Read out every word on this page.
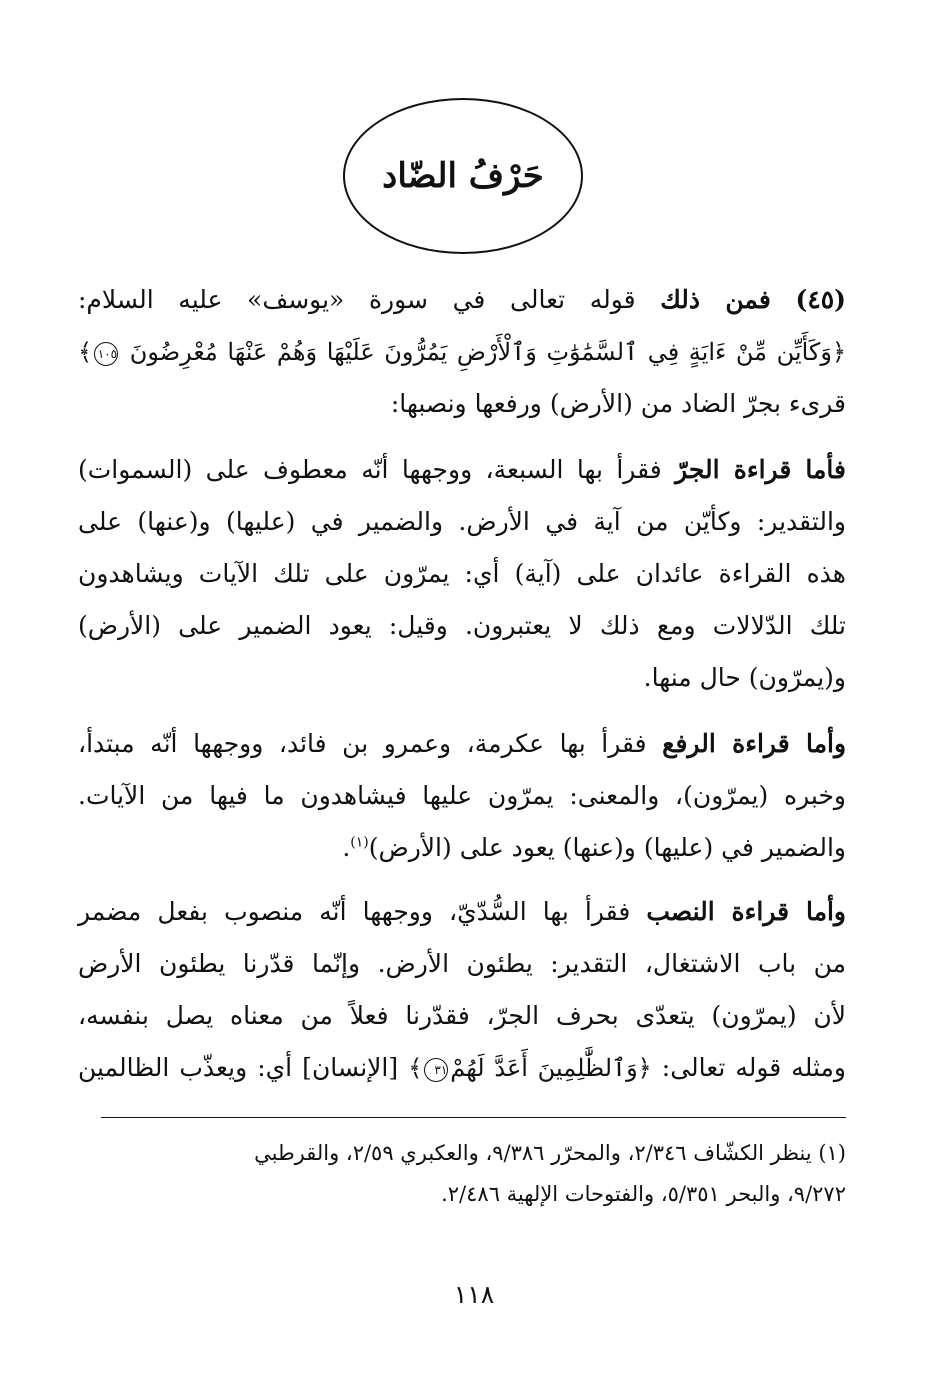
حَرْفُ الضّاد
(٤٥) فمن ذلك قوله تعالى في سورة «يوسف» عليه السلام:
﴿وَكَأَيِّن مِّنْ ءَايَةٍ فِي ٱلسَّمَٰوَٰتِ وَٱلْأَرْضِ يَمُرُّونَ عَلَيْهَا وَهُمْ عَنْهَا مُعْرِضُونَ ١٠٥﴾
قرىء بجرّ الضاد من (الأرض) ورفعها ونصبها:
فأما قراءة الجرّ فقرأ بها السبعة، ووجهها أنّه معطوف على (السموات)
والتقدير: وكأيّن من آية في الأرض. والضمير في (عليها) و(عنها) على
هذه القراءة عائدان على (آية) أي: يمرّون على تلك الآيات ويشاهدون
تلك الدّلالات ومع ذلك لا يعتبرون. وقيل: يعود الضمير على (الأرض)
و(يمرّون) حال منها.
وأما قراءة الرفع فقرأ بها عكرمة، وعمرو بن فائد، ووجهها أنّه مبتدأ،
وخبره (يمرّون)، والمعنى: يمرّون عليها فيشاهدون ما فيها من الآيات.
والضمير في (عليها) و(عنها) يعود على (الأرض)$^{(١)}$.
وأما قراءة النصب فقرأ بها السُّدّيّ، ووجهها أنّه منصوب بفعل مضمر
من باب الاشتغال، التقدير: يطئون الأرض. وإنّما قدّرنا يطئون الأرض
لأن (يمرّون) يتعدّى بحرف الجرّ، فقدّرنا فعلاً من معناه يصل بنفسه،
ومثله قوله تعالى: ﴿وَٱلظَّٰلِمِينَ أَعَدَّ لَهُمْ٣١﴾ [الإنسان] أي: ويعذّب الظالمين
(١) ينظر الكشّاف ٢/٣٤٦، والمحرّر ٩/٣٨٦، والعكبري ٢/٥٩، والقرطبي
٩/٢٧٢، والبحر ٥/٣٥١، والفتوحات الإلهية ٢/٤٨٦.
١١٨
